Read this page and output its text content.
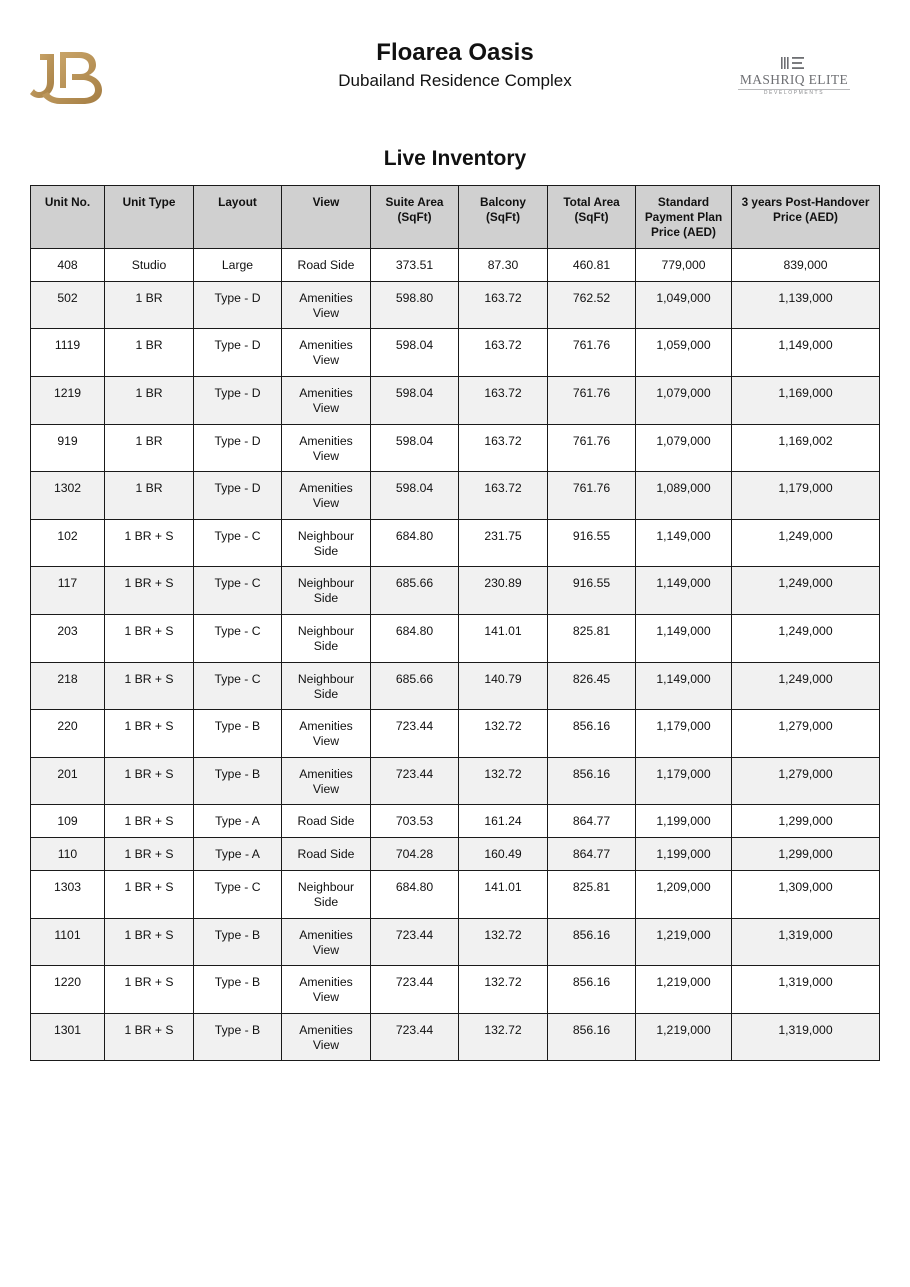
Floarea Oasis
Dubailand Residence Complex	MASHRIQ ELITE
DEVELOPMENTS
Live Inventory
Unit No.	Unit Type	Layout	View	Suite Area (SqFt)	Balcony (SqFt)	Total Area (SqFt)	Standard Payment Plan Price (AED)	3 years Post-Handover Price (AED)
408	Studio	Large	Road Side	373.51	87.30	460.81	779,000	839,000
502	1 BR	Type - D	Amenities View	598.80	163.72	762.52	1,049,000	1,139,000
1119	1 BR	Type - D	Amenities View	598.04	163.72	761.76	1,059,000	1,149,000
1219	1 BR	Type - D	Amenities View	598.04	163.72	761.76	1,079,000	1,169,000
919	1 BR	Type - D	Amenities View	598.04	163.72	761.76	1,079,000	1,169,002
1302	1 BR	Type - D	Amenities View	598.04	163.72	761.76	1,089,000	1,179,000
102	1 BR + S	Type - C	Neighbour Side	684.80	231.75	916.55	1,149,000	1,249,000
117	1 BR + S	Type - C	Neighbour Side	685.66	230.89	916.55	1,149,000	1,249,000
203	1 BR + S	Type - C	Neighbour Side	684.80	141.01	825.81	1,149,000	1,249,000
218	1 BR + S	Type - C	Neighbour Side	685.66	140.79	826.45	1,149,000	1,249,000
220	1 BR + S	Type - B	Amenities View	723.44	132.72	856.16	1,179,000	1,279,000
201	1 BR + S	Type - B	Amenities View	723.44	132.72	856.16	1,179,000	1,279,000
109	1 BR + S	Type - A	Road Side	703.53	161.24	864.77	1,199,000	1,299,000
110	1 BR + S	Type - A	Road Side	704.28	160.49	864.77	1,199,000	1,299,000
1303	1 BR + S	Type - C	Neighbour Side	684.80	141.01	825.81	1,209,000	1,309,000
1101	1 BR + S	Type - B	Amenities View	723.44	132.72	856.16	1,219,000	1,319,000
1220	1 BR + S	Type - B	Amenities View	723.44	132.72	856.16	1,219,000	1,319,000
1301	1 BR + S	Type - B	Amenities View	723.44	132.72	856.16	1,219,000	1,319,000
